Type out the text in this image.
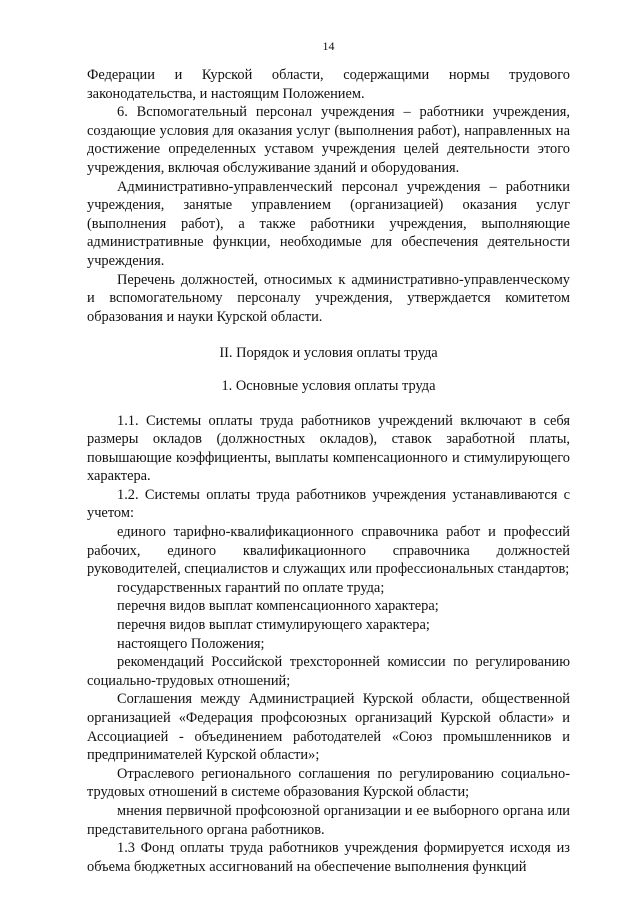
14

Федерации и Курской области, содержащими нормы трудового законодательства, и настоящим Положением.

6. Вспомогательный персонал учреждения – работники учреждения, создающие условия для оказания услуг (выполнения работ), направленных на достижение определенных уставом учреждения целей деятельности этого учреждения, включая обслуживание зданий и оборудования.

Административно-управленческий персонал учреждения – работники учреждения, занятые управлением (организацией) оказания услуг (выполнения работ), а также работники учреждения, выполняющие административные функции, необходимые для обеспечения деятельности учреждения.

Перечень должностей, относимых к административно-управленческому и вспомогательному персоналу учреждения, утверждается комитетом образования и науки Курской области.

II. Порядок и условия оплаты труда

1. Основные условия оплаты труда

1.1. Системы оплаты труда работников учреждений включают в себя размеры окладов (должностных окладов), ставок заработной платы, повышающие коэффициенты, выплаты компенсационного и стимулирующего характера.

1.2. Системы оплаты труда работников учреждения устанавливаются с учетом:

единого тарифно-квалификационного справочника работ и профессий рабочих, единого квалификационного справочника должностей руководителей, специалистов и служащих или профессиональных стандартов;

государственных гарантий по оплате труда;

перечня видов выплат компенсационного характера;

перечня видов выплат стимулирующего характера;

настоящего Положения;

рекомендаций Российской трехсторонней комиссии по регулированию социально-трудовых отношений;

Соглашения между Администрацией Курской области, общественной организацией «Федерация профсоюзных организаций Курской области» и Ассоциацией - объединением работодателей «Союз промышленников и предпринимателей Курской области»;

Отраслевого регионального соглашения по регулированию социально-трудовых отношений в системе образования Курской области;

мнения первичной профсоюзной организации и ее выборного органа или представительного органа работников.

1.3 Фонд оплаты труда работников учреждения формируется исходя из объема бюджетных ассигнований на обеспечение выполнения функций
